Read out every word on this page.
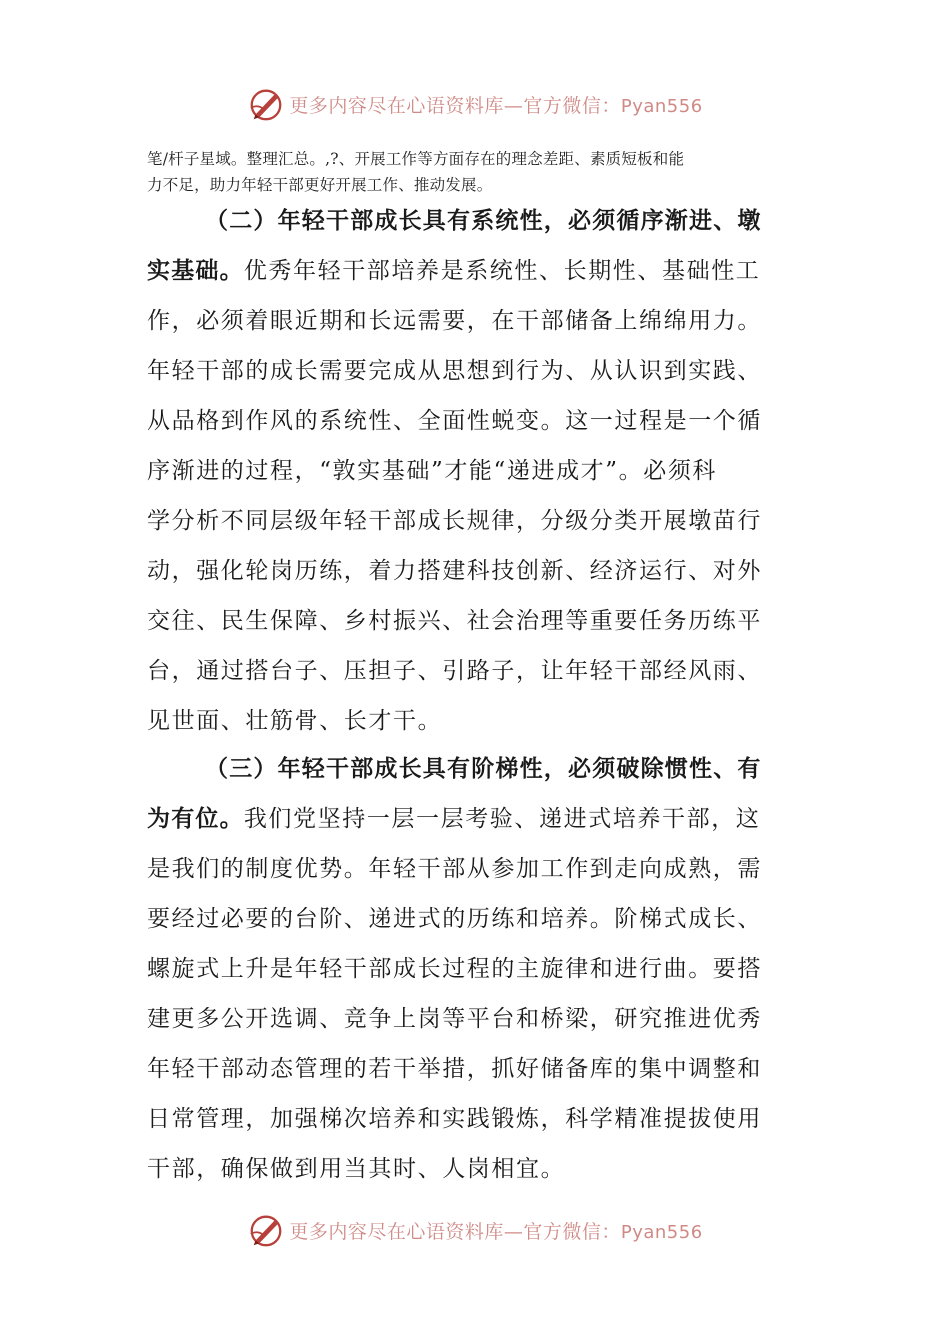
更多内容尽在心语资料库—官方微信：Pyan556

笔/杆子星域。整理汇总。,?、开展工作等方面存在的理念差距、素质短板和能

力不足，助力年轻干部更好开展工作、推动发展。

（二）年轻干部成长具有系统性，必须循序渐进、墩
实基础。优秀年轻干部培养是系统性、长期性、基础性工
作，必须着眼近期和长远需要，在干部储备上绵绵用力。
年轻干部的成长需要完成从思想到行为、从认识到实践、
从品格到作风的系统性、全面性蜕变。这一过程是一个循
序渐进的过程，“敦实基础”才能“递进成才”。必须科
学分析不同层级年轻干部成长规律，分级分类开展墩苗行
动，强化轮岗历练，着力搭建科技创新、经济运行、对外
交往、民生保障、乡村振兴、社会治理等重要任务历练平
台，通过搭台子、压担子、引路子，让年轻干部经风雨、
见世面、壮筋骨、长才干。
（三）年轻干部成长具有阶梯性，必须破除惯性、有
为有位。我们党坚持一层一层考验、递进式培养干部，这
是我们的制度优势。年轻干部从参加工作到走向成熟，需
要经过必要的台阶、递进式的历练和培养。阶梯式成长、
螺旋式上升是年轻干部成长过程的主旋律和进行曲。要搭
建更多公开选调、竞争上岗等平台和桥梁，研究推进优秀
年轻干部动态管理的若干举措，抓好储备库的集中调整和
日常管理，加强梯次培养和实践锻炼，科学精准提拔使用
干部，确保做到用当其时、人岗相宜。
更多内容尽在心语资料库—官方微信：Pyan556
